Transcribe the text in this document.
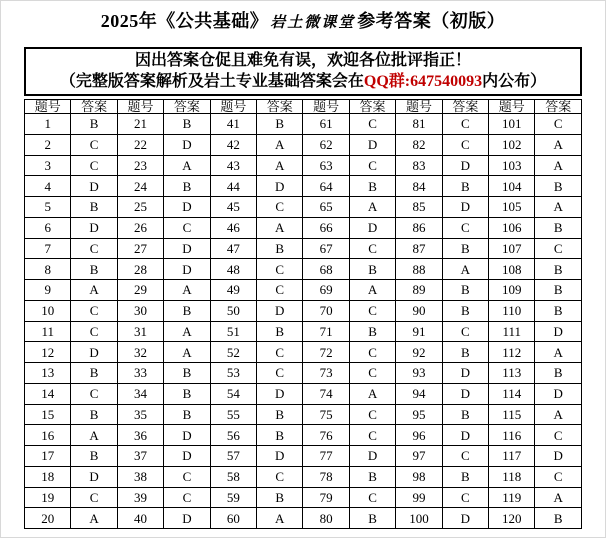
2025年《公共基础》 岩土微课堂 参考答案（初版）
因出答案仓促且难免有误，欢迎各位批评指正！
（完整版答案解析及岩土专业基础答案会在QQ群:647540093内公布）
题号	答案	题号	答案	题号	答案	题号	答案	题号	答案	题号	答案
1	B	21	B	41	B	61	C	81	C	101	C
2	C	22	D	42	A	62	D	82	C	102	A
3	C	23	A	43	A	63	C	83	D	103	A
4	D	24	B	44	D	64	B	84	B	104	B
5	B	25	D	45	C	65	A	85	D	105	A
6	D	26	C	46	A	66	D	86	C	106	B
7	C	27	D	47	B	67	C	87	B	107	C
8	B	28	D	48	C	68	B	88	A	108	B
9	A	29	A	49	C	69	A	89	B	109	B
10	C	30	B	50	D	70	C	90	B	110	B
11	C	31	A	51	B	71	B	91	C	111	D
12	D	32	A	52	C	72	C	92	B	112	A
13	B	33	B	53	C	73	C	93	D	113	B
14	C	34	B	54	D	74	A	94	D	114	D
15	B	35	B	55	B	75	C	95	B	115	A
16	A	36	D	56	B	76	C	96	D	116	C
17	B	37	D	57	D	77	D	97	C	117	D
18	D	38	C	58	C	78	B	98	B	118	C
19	C	39	C	59	B	79	C	99	C	119	A
20	A	40	D	60	A	80	B	100	D	120	B
